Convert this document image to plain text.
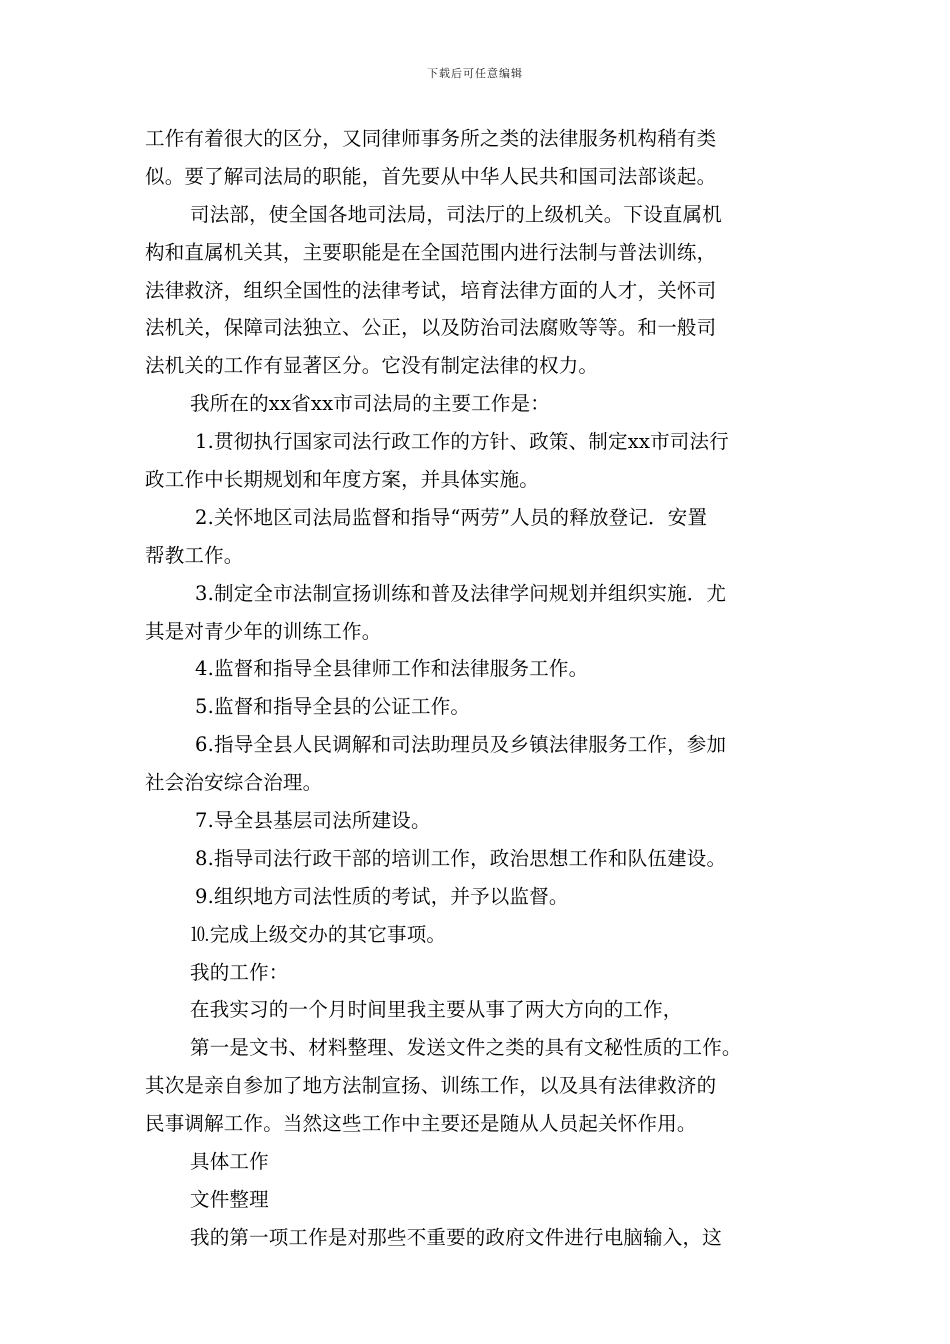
下载后可任意编辑
工作有着很大的区分，又同律师事务所之类的法律服务机构稍有类
似。要了解司法局的职能，首先要从中华人民共和国司法部谈起。
司法部，使全国各地司法局，司法厅的上级机关。下设直属机
构和直属机关其，主要职能是在全国范围内进行法制与普法训练，
法律救济，组织全国性的法律考试，培育法律方面的人才，关怀司
法机关，保障司法独立、公正，以及防治司法腐败等等。和一般司
法机关的工作有显著区分。它没有制定法律的权力。
我所在的xx省xx市司法局的主要工作是：
1.贯彻执行国家司法行政工作的方针、政策、制定xx市司法行
政工作中长期规划和年度方案，并具体实施。
2.关怀地区司法局监督和指导“两劳”人员的释放登记．安置
帮教工作。
3.制定全市法制宣扬训练和普及法律学问规划并组织实施．尤
其是对青少年的训练工作。
4.监督和指导全县律师工作和法律服务工作。
5.监督和指导全县的公证工作。
6.指导全县人民调解和司法助理员及乡镇法律服务工作，参加
社会治安综合治理。
7.导全县基层司法所建设。
8.指导司法行政干部的培训工作，政治思想工作和队伍建设。
9.组织地方司法性质的考试，并予以监督。
⒑完成上级交办的其它事项。
我的工作：
在我实习的一个月时间里我主要从事了两大方向的工作，
第一是文书、材料整理、发送文件之类的具有文秘性质的工作。
其次是亲自参加了地方法制宣扬、训练工作，以及具有法律救济的
民事调解工作。当然这些工作中主要还是随从人员起关怀作用。
具体工作
文件整理
我的第一项工作是对那些不重要的政府文件进行电脑输入，这
